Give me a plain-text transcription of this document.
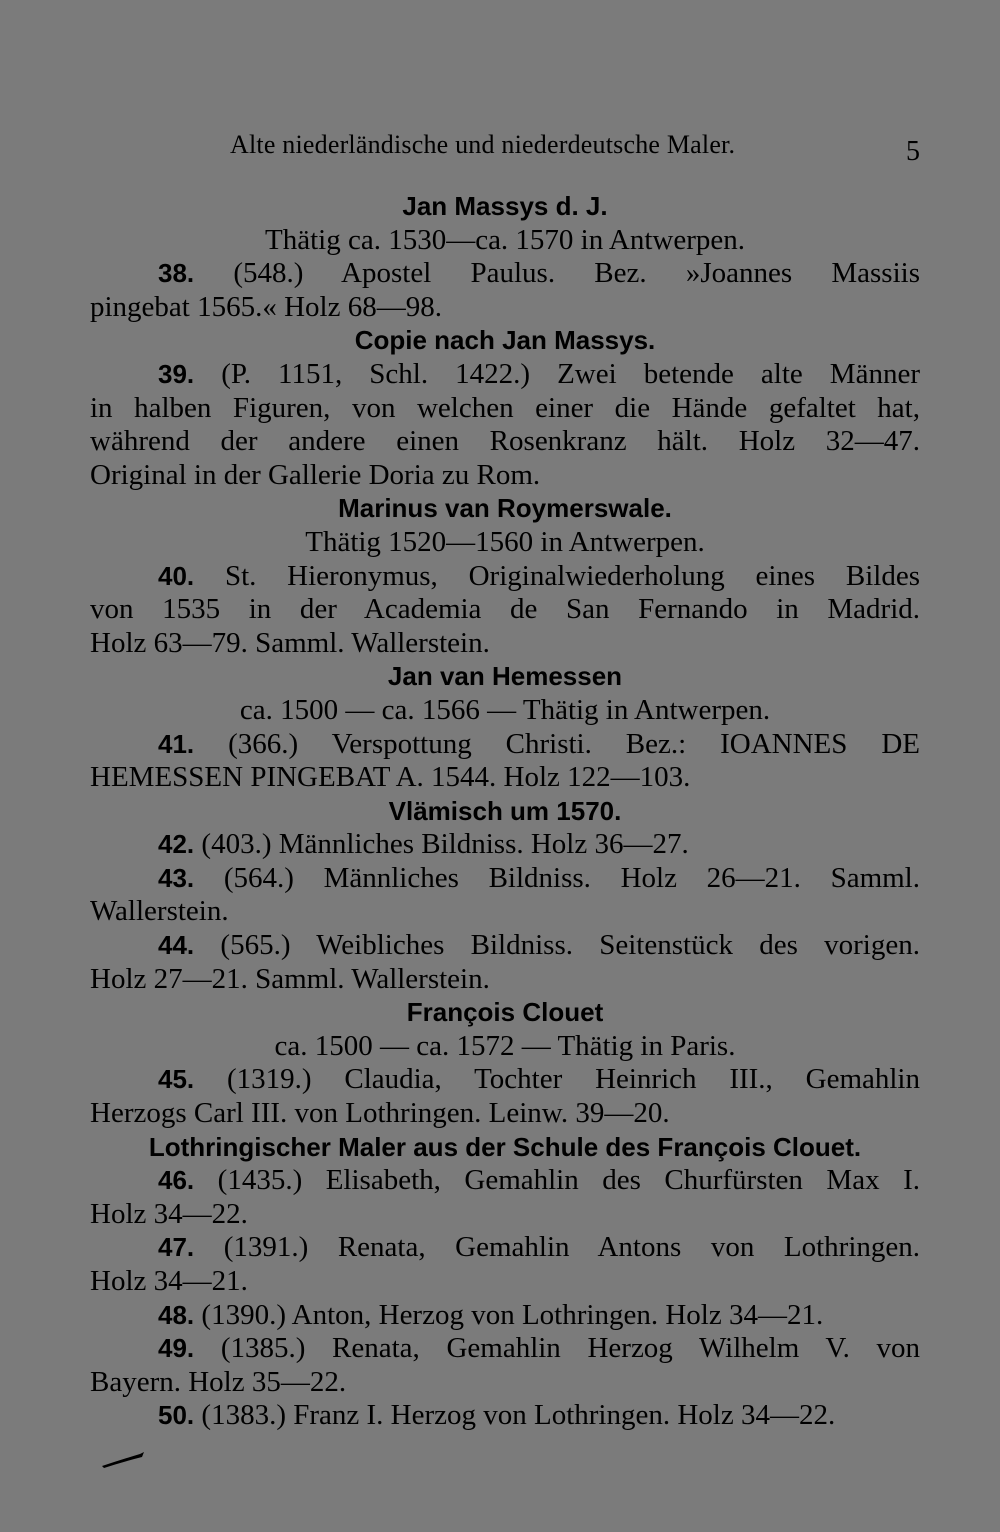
Alte niederländische und niederdeutsche Maler.	5
Jan Massys d. J.
Thätig ca. 1530—ca. 1570 in Antwerpen.
38. (548.) Apostel Paulus. Bez. »Joannes Massiis
pingebat 1565.« Holz 68—98.
Copie nach Jan Massys.
39. (P. 1151, Schl. 1422.) Zwei betende alte Männer
in halben Figuren, von welchen einer die Hände gefaltet hat,
während der andere einen Rosenkranz hält. Holz 32—47.
Original in der Gallerie Doria zu Rom.
Marinus van Roymerswale.
Thätig 1520—1560 in Antwerpen.
40. St. Hieronymus, Originalwiederholung eines Bildes
von 1535 in der Academia de San Fernando in Madrid.
Holz 63—79. Samml. Wallerstein.
Jan van Hemessen
ca. 1500 — ca. 1566 — Thätig in Antwerpen.
41. (366.) Verspottung Christi. Bez.: IOANNES DE
HEMESSEN PINGEBAT A. 1544. Holz 122—103.
Vlämisch um 1570.
42. (403.) Männliches Bildniss. Holz 36—27.
43. (564.) Männliches Bildniss. Holz 26—21. Samml.
Wallerstein.
44. (565.) Weibliches Bildniss. Seitenstück des vorigen.
Holz 27—21. Samml. Wallerstein.
François Clouet
ca. 1500 — ca. 1572 — Thätig in Paris.
45. (1319.) Claudia, Tochter Heinrich III., Gemahlin
Herzogs Carl III. von Lothringen. Leinw. 39—20.
Lothringischer Maler aus der Schule des François Clouet.
46. (1435.) Elisabeth, Gemahlin des Churfürsten Max I.
Holz 34—22.
47. (1391.) Renata, Gemahlin Antons von Lothringen.
Holz 34—21.
48. (1390.) Anton, Herzog von Lothringen. Holz 34—21.
49. (1385.) Renata, Gemahlin Herzog Wilhelm V. von
Bayern. Holz 35—22.
50. (1383.) Franz I. Herzog von Lothringen. Holz 34—22.
